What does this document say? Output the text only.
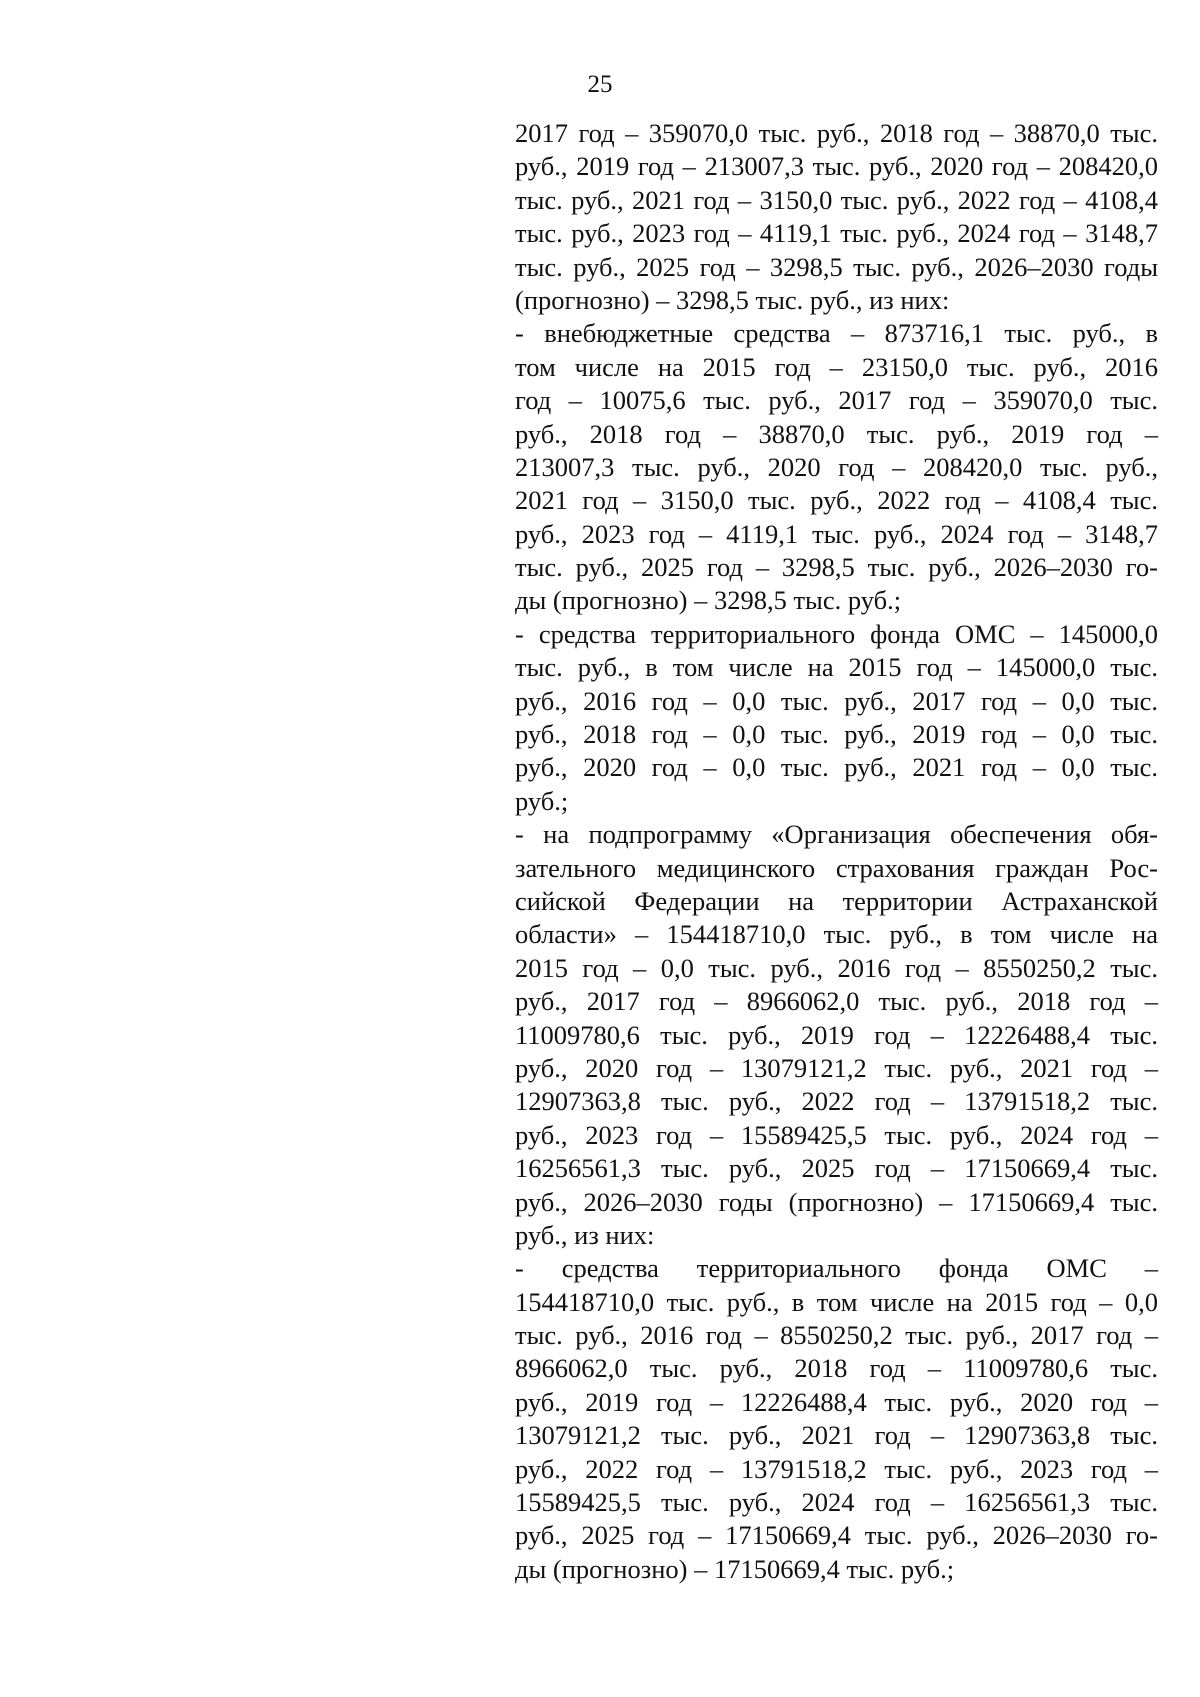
25
2017 год – 359070,0 тыс. руб., 2018 год – 38870,0 тыс.
руб., 2019 год – 213007,3 тыс. руб., 2020 год – 208420,0
тыс. руб., 2021 год – 3150,0 тыс. руб., 2022 год – 4108,4
тыс. руб., 2023 год – 4119,1 тыс. руб., 2024 год – 3148,7
тыс. руб., 2025 год – 3298,5 тыс. руб., 2026–2030 годы
(прогнозно) – 3298,5 тыс. руб., из них:
- внебюджетные средства – 873716,1 тыс. руб., в
том числе на 2015 год – 23150,0 тыс. руб., 2016
год – 10075,6 тыс. руб., 2017 год – 359070,0 тыс.
руб., 2018 год – 38870,0 тыс. руб., 2019 год –
213007,3 тыс. руб., 2020 год – 208420,0 тыс. руб.,
2021 год – 3150,0 тыс. руб., 2022 год – 4108,4 тыс.
руб., 2023 год – 4119,1 тыс. руб., 2024 год – 3148,7
тыс. руб., 2025 год – 3298,5 тыс. руб., 2026–2030 го-
ды (прогнозно) – 3298,5 тыс. руб.;
- средства территориального фонда ОМС – 145000,0
тыс. руб., в том числе на 2015 год – 145000,0 тыс.
руб., 2016 год – 0,0 тыс. руб., 2017 год – 0,0 тыс.
руб., 2018 год – 0,0 тыс. руб., 2019 год – 0,0 тыс.
руб., 2020 год – 0,0 тыс. руб., 2021 год – 0,0 тыс.
руб.;
- на подпрограмму «Организация обеспечения обя-
зательного медицинского страхования граждан Рос-
сийской Федерации на территории Астраханской
области» – 154418710,0 тыс. руб., в том числе на
2015 год – 0,0 тыс. руб., 2016 год – 8550250,2 тыс.
руб., 2017 год – 8966062,0 тыс. руб., 2018 год –
11009780,6 тыс. руб., 2019 год – 12226488,4 тыс.
руб., 2020 год – 13079121,2 тыс. руб., 2021 год –
12907363,8 тыс. руб., 2022 год – 13791518,2 тыс.
руб., 2023 год – 15589425,5 тыс. руб., 2024 год –
16256561,3 тыс. руб., 2025 год – 17150669,4 тыс.
руб., 2026–2030 годы (прогнозно) – 17150669,4 тыс.
руб., из них:
- средства территориального фонда ОМС –
154418710,0 тыс. руб., в том числе на 2015 год – 0,0
тыс. руб., 2016 год – 8550250,2 тыс. руб., 2017 год –
8966062,0 тыс. руб., 2018 год – 11009780,6 тыс.
руб., 2019 год – 12226488,4 тыс. руб., 2020 год –
13079121,2 тыс. руб., 2021 год – 12907363,8 тыс.
руб., 2022 год – 13791518,2 тыс. руб., 2023 год –
15589425,5 тыс. руб., 2024 год – 16256561,3 тыс.
руб., 2025 год – 17150669,4 тыс. руб., 2026–2030 го-
ды (прогнозно) – 17150669,4 тыс. руб.;
